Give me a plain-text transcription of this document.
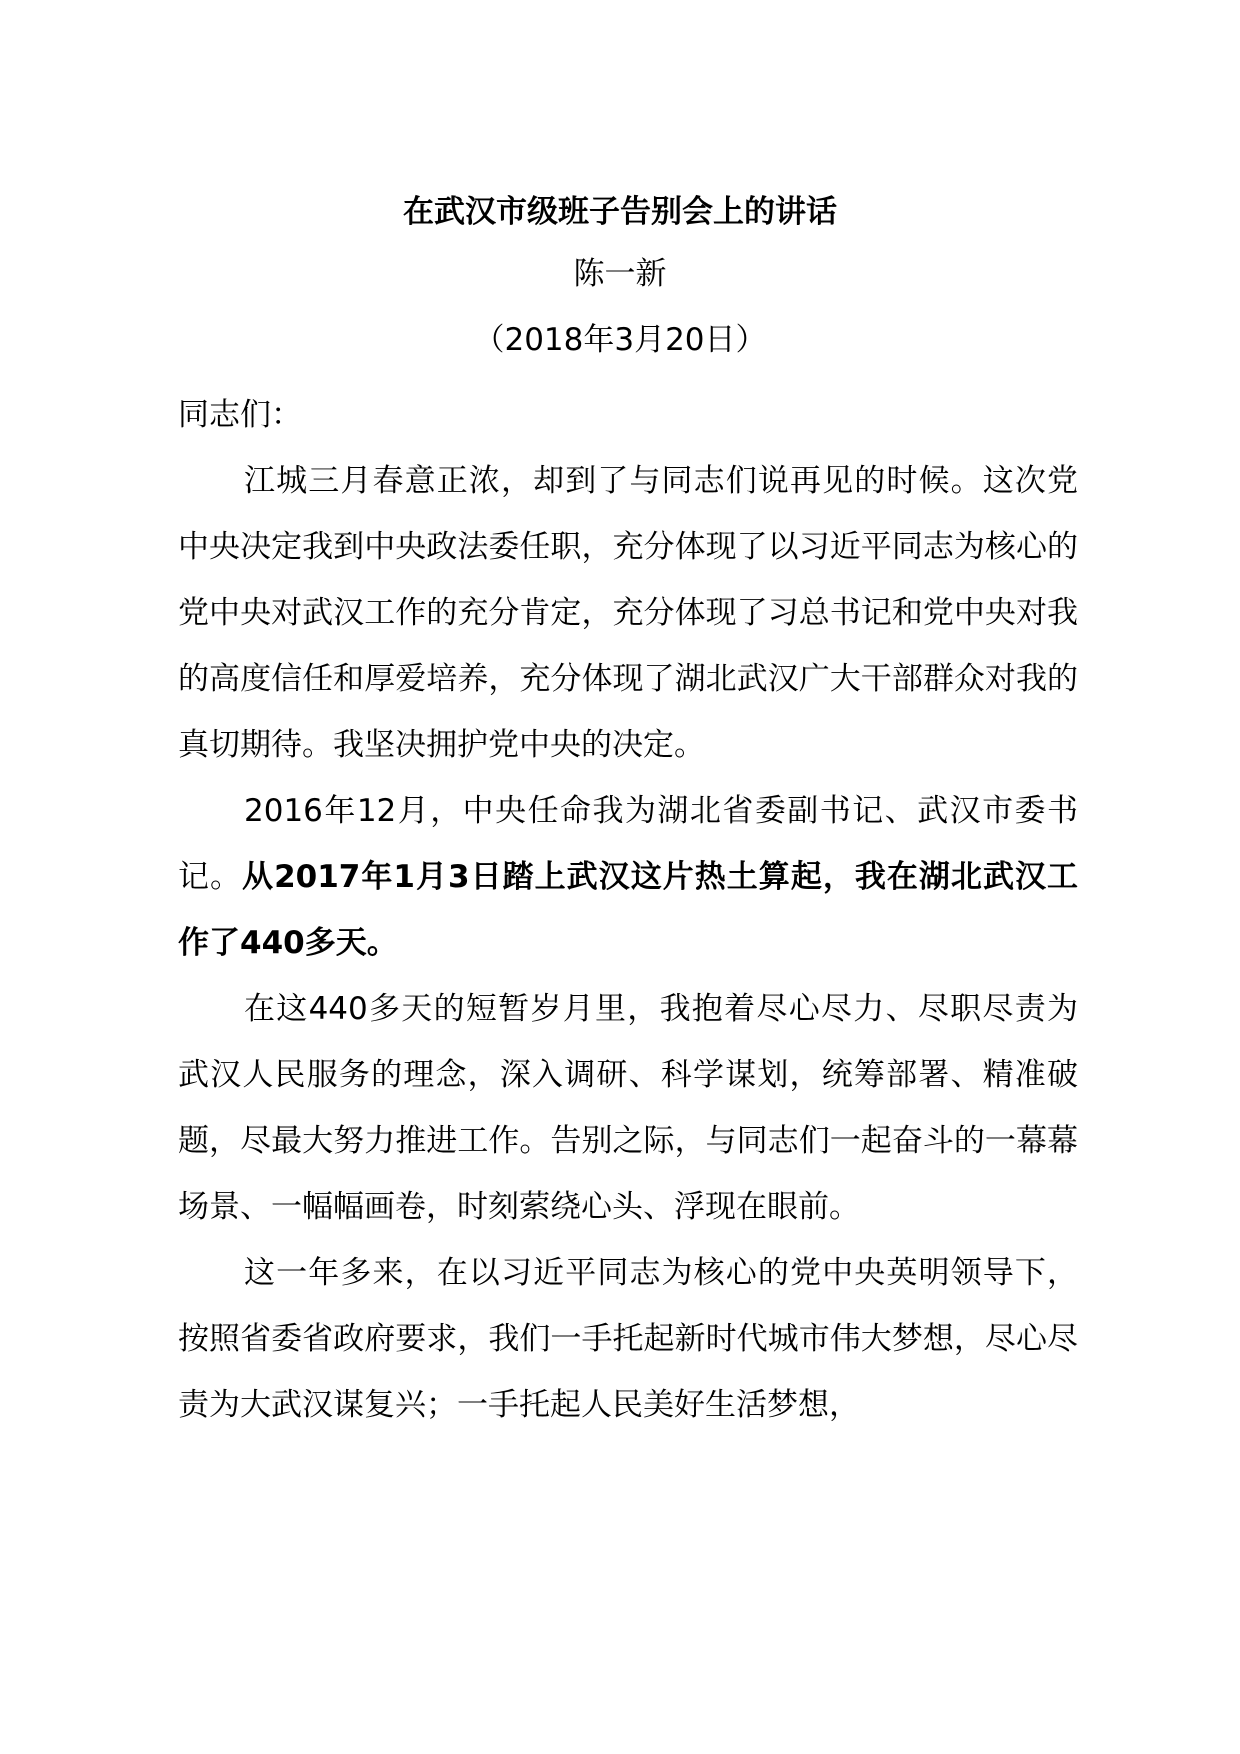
在武汉市级班子告别会上的讲话
陈一新
（2018年3月20日）

同志们：

江城三月春意正浓，却到了与同志们说再见的时候。这次党中央决定我到中央政法委任职，充分体现了以习近平同志为核心的党中央对武汉工作的充分肯定，充分体现了习总书记和党中央对我的高度信任和厚爱培养，充分体现了湖北武汉广大干部群众对我的真切期待。我坚决拥护党中央的决定。

2016年12月，中央任命我为湖北省委副书记、武汉市委书记。从2017年1月3日踏上武汉这片热土算起，我在湖北武汉工作了440多天。

在这440多天的短暂岁月里，我抱着尽心尽力、尽职尽责为武汉人民服务的理念，深入调研、科学谋划，统筹部署、精准破题，尽最大努力推进工作。告别之际，与同志们一起奋斗的一幕幕场景、一幅幅画卷，时刻萦绕心头、浮现在眼前。

这一年多来，在以习近平同志为核心的党中央英明领导下，按照省委省政府要求，我们一手托起新时代城市伟大梦想，尽心尽责为大武汉谋复兴；一手托起人民美好生活梦想，
